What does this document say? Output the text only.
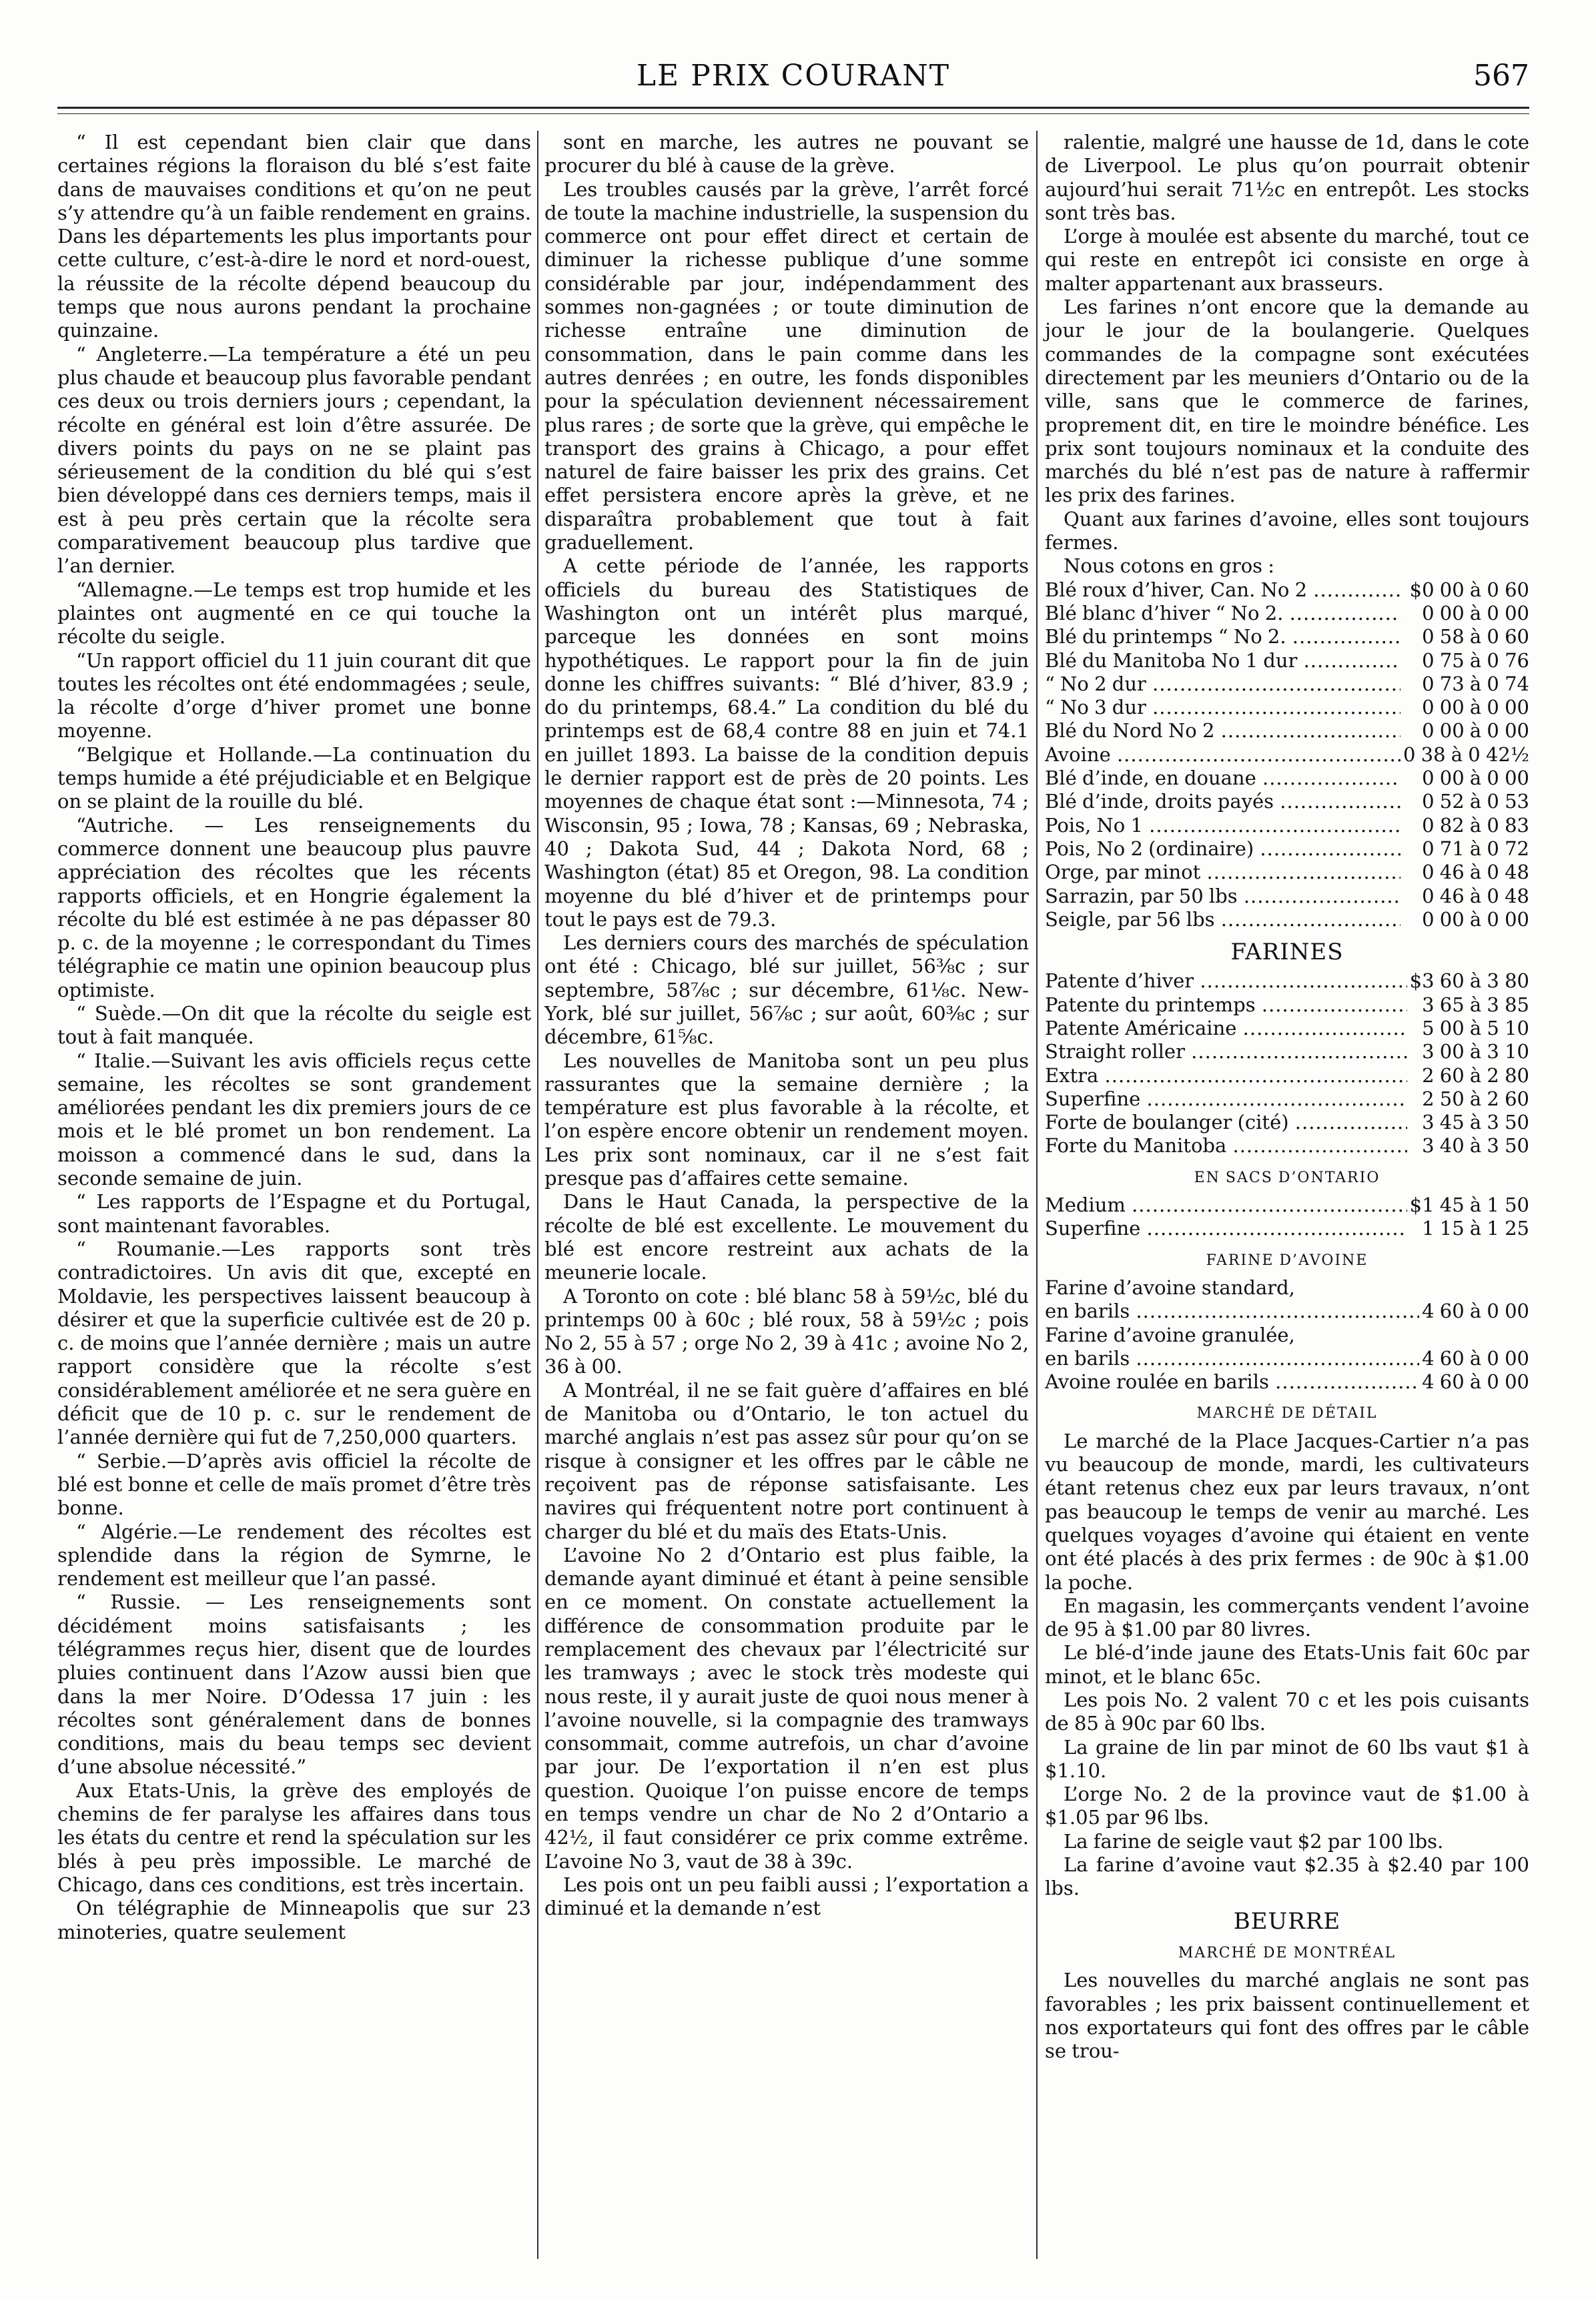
LE PRIX COURANT	567

“ Il est cependant bien clair que dans certaines régions la floraison du blé s’est faite dans de mauvaises conditions et qu’on ne peut s’y attendre qu’à un faible rendement en grains. Dans les départements les plus importants pour cette culture, c’est-à-dire le nord et nord-ouest, la réussite de la récolte dépend beaucoup du temps que nous aurons pendant la prochaine quinzaine.

“ Angleterre.—La température a été un peu plus chaude et beaucoup plus favorable pendant ces deux ou trois derniers jours ; cependant, la récolte en général est loin d’être assurée. De divers points du pays on ne se plaint pas sérieusement de la condition du blé qui s’est bien développé dans ces derniers temps, mais il est à peu près certain que la récolte sera comparativement beaucoup plus tardive que l’an dernier.

“Allemagne.—Le temps est trop humide et les plaintes ont augmenté en ce qui touche la récolte du seigle.

“Un rapport officiel du 11 juin courant dit que toutes les récoltes ont été endommagées ; seule, la récolte d’orge d’hiver promet une bonne moyenne.

“Belgique et Hollande.—La continuation du temps humide a été préjudiciable et en Belgique on se plaint de la rouille du blé.

“Autriche. — Les renseignements du commerce donnent une beaucoup plus pauvre appréciation des récoltes que les récents rapports officiels, et en Hongrie également la récolte du blé est estimée à ne pas dépasser 80 p. c. de la moyenne ; le correspondant du Times télégraphie ce matin une opinion beaucoup plus optimiste.

“ Suède.—On dit que la récolte du seigle est tout à fait manquée.

“ Italie.—Suivant les avis officiels reçus cette semaine, les récoltes se sont grandement améliorées pendant les dix premiers jours de ce mois et le blé promet un bon rendement. La moisson a commencé dans le sud, dans la seconde semaine de juin.

“ Les rapports de l’Espagne et du Portugal, sont maintenant favorables.

“ Roumanie.—Les rapports sont très contradictoires. Un avis dit que, excepté en Moldavie, les perspectives laissent beaucoup à désirer et que la superficie cultivée est de 20 p. c. de moins que l’année dernière ; mais un autre rapport considère que la récolte s’est considérablement améliorée et ne sera guère en déficit que de 10 p. c. sur le rendement de l’année dernière qui fut de 7,250,000 quarters.

“ Serbie.—D’après avis officiel la récolte de blé est bonne et celle de maïs promet d’être très bonne.

“ Algérie.—Le rendement des récoltes est splendide dans la région de Symrne, le rendement est meilleur que l’an passé.

“ Russie. — Les renseignements sont décidément moins satisfaisants ; les télégrammes reçus hier, disent que de lourdes pluies continuent dans l’Azow aussi bien que dans la mer Noire. D’Odessa 17 juin : les récoltes sont généralement dans de bonnes conditions, mais du beau temps sec devient d’une absolue nécessité.”

Aux Etats-Unis, la grève des employés de chemins de fer paralyse les affaires dans tous les états du centre et rend la spéculation sur les blés à peu près impossible. Le marché de Chicago, dans ces conditions, est très incertain.

On télégraphie de Minneapolis que sur 23 minoteries, quatre seulement

sont en marche, les autres ne pouvant se procurer du blé à cause de la grève.

Les troubles causés par la grève, l’arrêt forcé de toute la machine industrielle, la suspension du commerce ont pour effet direct et certain de diminuer la richesse publique d’une somme considérable par jour, indépendamment des sommes non-gagnées ; or toute diminution de richesse entraîne une diminution de consommation, dans le pain comme dans les autres denrées ; en outre, les fonds disponibles pour la spéculation deviennent nécessairement plus rares ; de sorte que la grève, qui empêche le transport des grains à Chicago, a pour effet naturel de faire baisser les prix des grains. Cet effet persistera encore après la grève, et ne disparaîtra probablement que tout à fait graduellement.

A cette période de l’année, les rapports officiels du bureau des Statistiques de Washington ont un intérêt plus marqué, parceque les données en sont moins hypothétiques. Le rapport pour la fin de juin donne les chiffres suivants: “ Blé d’hiver, 83.9 ; do du printemps, 68.4.” La condition du blé du printemps est de 68,4 contre 88 en juin et 74.1 en juillet 1893. La baisse de la condition depuis le dernier rapport est de près de 20 points. Les moyennes de chaque état sont :—Minnesota, 74 ; Wisconsin, 95 ; Iowa, 78 ; Kansas, 69 ; Nebraska, 40 ; Dakota Sud, 44 ; Dakota Nord, 68 ; Washington (état) 85 et Oregon, 98. La condition moyenne du blé d’hiver et de printemps pour tout le pays est de 79.3.

Les derniers cours des marchés de spéculation ont été : Chicago, blé sur juillet, 56⅜c ; sur septembre, 58⅞c ; sur décembre, 61⅛c. New-York, blé sur juillet, 56⅞c ; sur août, 60⅜c ; sur décembre, 61⅝c.

Les nouvelles de Manitoba sont un peu plus rassurantes que la semaine dernière ; la température est plus favorable à la récolte, et l’on espère encore obtenir un rendement moyen. Les prix sont nominaux, car il ne s’est fait presque pas d’affaires cette semaine.

Dans le Haut Canada, la perspective de la récolte de blé est excellente. Le mouvement du blé est encore restreint aux achats de la meunerie locale.

A Toronto on cote : blé blanc 58 à 59½c, blé du printemps 00 à 60c ; blé roux, 58 à 59½c ; pois No 2, 55 à 57 ; orge No 2, 39 à 41c ; avoine No 2, 36 à 00.

A Montréal, il ne se fait guère d’affaires en blé de Manitoba ou d’Ontario, le ton actuel du marché anglais n’est pas assez sûr pour qu’on se risque à consigner et les offres par le câble ne reçoivent pas de réponse satisfaisante. Les navires qui fréquentent notre port continuent à charger du blé et du maïs des Etats-Unis.

L’avoine No 2 d’Ontario est plus faible, la demande ayant diminué et étant à peine sensible en ce moment. On constate actuellement la différence de consommation produite par le remplacement des chevaux par l’électricité sur les tramways ; avec le stock très modeste qui nous reste, il y aurait juste de quoi nous mener à l’avoine nouvelle, si la compagnie des tramways consommait, comme autrefois, un char d’avoine par jour. De l’exportation il n’en est plus question. Quoique l’on puisse encore de temps en temps vendre un char de No 2 d’Ontario a 42½, il faut considérer ce prix comme extrême. L’avoine No 3, vaut de 38 à 39c.

Les pois ont un peu faibli aussi ; l’exportation a diminué et la demande n’est

ralentie, malgré une hausse de 1d, dans le cote de Liverpool. Le plus qu’on pourrait obtenir aujourd’hui serait 71½c en entrepôt. Les stocks sont très bas.

L’orge à moulée est absente du marché, tout ce qui reste en entrepôt ici consiste en orge à malter appartenant aux brasseurs.

Les farines n’ont encore que la demande au jour le jour de la boulangerie. Quelques commandes de la compagne sont exécutées directement par les meuniers d’Ontario ou de la ville, sans que le commerce de farines, proprement dit, en tire le moindre bénéfice. Les prix sont toujours nominaux et la conduite des marchés du blé n’est pas de nature à raffermir les prix des farines.

Quant aux farines d’avoine, elles sont toujours fermes.

Nous cotons en gros :

Blé roux d’hiver, Can. No 2 .....	$0 00 à 0 60
Blé blanc d’hiver “ No 2. .....	0 00 à 0 00
Blé du printemps “ No 2. .....	0 58 à 0 60
Blé du Manitoba No 1 dur .....	0 75 à 0 76
“ No 2 dur .....	0 73 à 0 74
“ No 3 dur .....	0 00 à 0 00
Blé du Nord No 2 .....	0 00 à 0 00
Avoine .....	0 38 à 0 42½
Blé d’inde, en douane .....	0 00 à 0 00
Blé d’inde, droits payés .....	0 52 à 0 53
Pois, No 1 .....	0 82 à 0 83
Pois, No 2 (ordinaire) .....	0 71 à 0 72
Orge, par minot .....	0 46 à 0 48
Sarrazin, par 50 lbs .....	0 46 à 0 48
Seigle, par 56 lbs .....	0 00 à 0 00
FARINES
Patente d’hiver .....	$3 60 à 3 80
Patente du printemps .....	3 65 à 3 85
Patente Américaine .....	5 00 à 5 10
Straight roller .....	3 00 à 3 10
Extra .....	2 60 à 2 80
Superfine .....	2 50 à 2 60
Forte de boulanger (cité) .....	3 45 à 3 50
Forte du Manitoba .....	3 40 à 3 50
EN SACS D’ONTARIO
Medium .....	$1 45 à 1 50
Superfine .....	1 15 à 1 25
FARINE D’AVOINE
Farine d’avoine standard,	
en barils .....	4 60 à 0 00
Farine d’avoine granulée,	
en barils .....	4 60 à 0 00
Avoine roulée en barils .....	4 60 à 0 00
MARCHÉ DE DÉTAIL

Le marché de la Place Jacques-Cartier n’a pas vu beaucoup de monde, mardi, les cultivateurs étant retenus chez eux par leurs travaux, n’ont pas beaucoup le temps de venir au marché. Les quelques voyages d’avoine qui étaient en vente ont été placés à des prix fermes : de 90c à $1.00 la poche.

En magasin, les commerçants vendent l’avoine de 95 à $1.00 par 80 livres.

Le blé-d’inde jaune des Etats-Unis fait 60c par minot, et le blanc 65c.

Les pois No. 2 valent 70 c et les pois cuisants de 85 à 90c par 60 lbs.

La graine de lin par minot de 60 lbs vaut $1 à $1.10.

L’orge No. 2 de la province vaut de $1.00 à $1.05 par 96 lbs.

La farine de seigle vaut $2 par 100 lbs.

La farine d’avoine vaut $2.35 à $2.40 par 100 lbs.

BEURRE
MARCHÉ DE MONTRÉAL

Les nouvelles du marché anglais ne sont pas favorables ; les prix baissent continuellement et nos exportateurs qui font des offres par le câble se trou-
